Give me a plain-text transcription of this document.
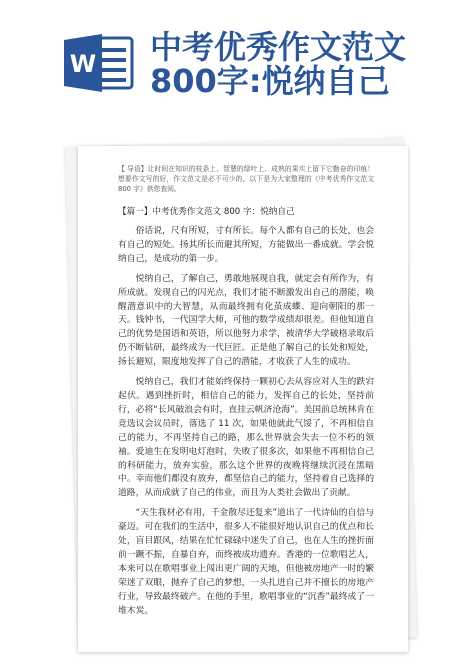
W 中考优秀作文范文
800字:悦纳自己
【 导语】让时间在知识的枝条上、智慧的绿叶上、成熟的果实上留下它勤奋的印痕！想要作文写的好，作文范文是必不可少的。以下是为大家整理的《中考优秀作文范文 800 字》供您查阅。
【篇一】中考优秀作文范文 800 字：悦纳自己

俗话说，尺有所短，寸有所长。每个人都有自己的长处，也会有自己的短处。扬其所长而避其所短，方能做出一番成就。学会悦纳自己，是成功的第一步。

悦纳自己，了解自己，勇敢地展现自我，就定会有所作为，有所成就。发现自己的闪光点，我们才能不断激发出自己的潜能，唤醒潜意识中的大智慧，从而最终拥有化茧成蝶、迎向朝阳的那一天。钱钟书，一代国学大师，可他的数学成绩却很差。但他知道自己的优势是国语和英语，所以他努力求学，被清华大学破格录取后仍不断钻研，最终成为一代巨匠。正是他了解自己的长处和短处，扬长避短，限度地发挥了自己的潜能，才收获了人生的成功。

悦纳自己，我们才能始终保持一颗初心去从容应对人生的跌宕起伏。遇到挫折时，相信自己的能力，发挥自己的长处，坚持前行，必将“长风破浪会有时，直挂云帆济沧海”。美国前总统林肯在竞选议会议员时，落选了 11 次，如果他就此气馁了，不再相信自己的能力，不再坚持自己的路，那么世界就会失去一位不朽的领袖。爱迪生在发明电灯泡时，失败了很多次，如果他不再相信自己的科研能力，放弃实验，那么这个世界的夜晚将继续沉浸在黑暗中。幸而他们都没有放弃，都坚信自己的能力，坚持着自己选择的道路，从而成就了自己的伟业，而且为人类社会做出了贡献。

“天生我材必有用，千金散尽还复来”道出了一代诗仙的自信与豪迈。可在我们的生活中，很多人不能很好地认识自己的优点和长处，盲目跟风，结果在忙忙碌碌中迷失了自己，也在人生的挫折面前一蹶不振，自暴自弃，而终被成功遗弃。香港的一位歌唱艺人，本来可以在歌唱事业上闯出更广阔的天地，但他被房地产一时的繁荣迷了双眼，抛弃了自己的梦想，一头扎进自己并不擅长的房地产行业，导致最终破产。在他的手里，歌唱事业的“沉香”最终成了一堆木炭。
